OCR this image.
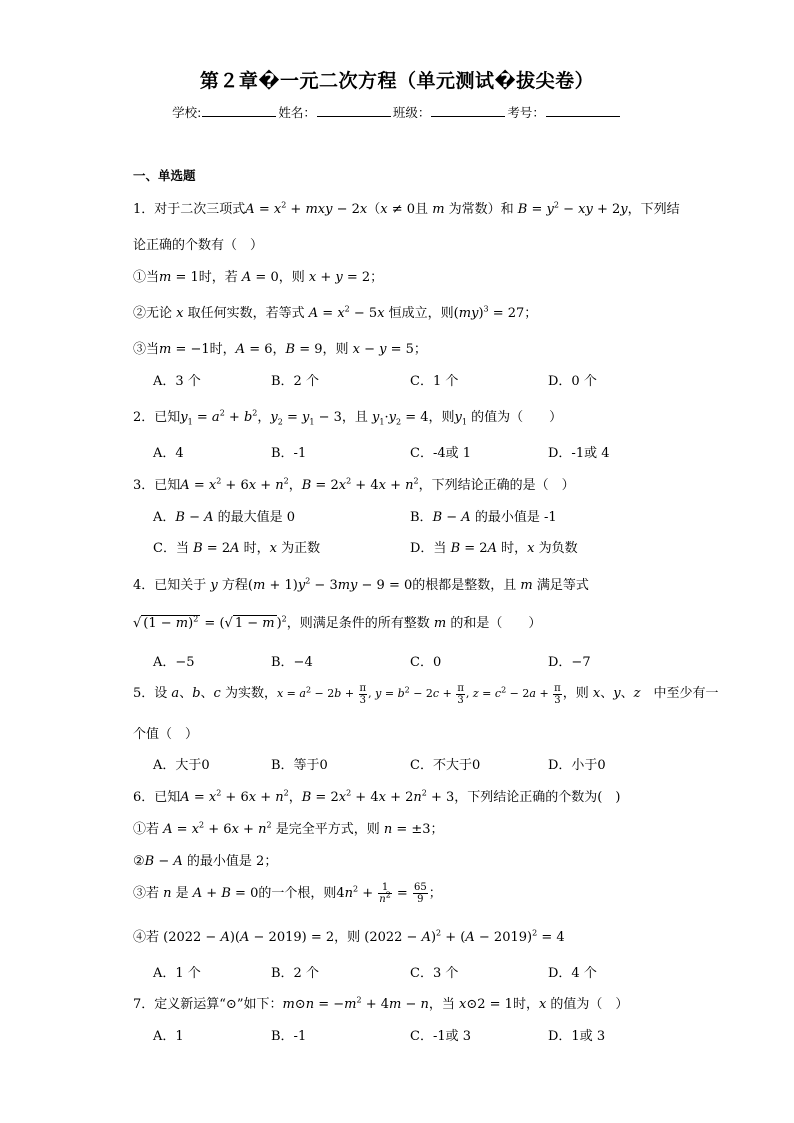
第２章�一元二次方程（单元测试�拔尖卷）
学校:	姓名：	班级：	考号：
一、单选题
1．对于二次三项式$A = x^2$ + mxy − 2x（x ≠ 0且 m 为常数）和 $B = y^2$ − xy + 2y，下列结
论正确的个数有（　）
①当m = 1时，若 A = 0，则 x + y = 2；
②无论 x 取任何实数，若等式 $A = x^2 - 5x$ 恒成立，则(my)$^3$ = 27；
③当m = −1时，A = 6，B = 9，则 x − y = 5；
A．3 个	B．2 个	C．1 个	D．0 个
2．已知$y_1 = a^2 + b^2$，$y_2 = y_1 - 3$，且 $y_1\cdot y_2 = 4$，则$y_1$ 的值为（　　）
A．4	B．-1	C．-4或 1	D．-1或 4
3．已知$A = x^2 + 6x + n^2$，$B = 2x^2 + 4x + n^2$，下列结论正确的是（　）
A．B − A 的最大值是 0	B．B − A 的最小值是 -1
C．当 B = 2A 时，x 为正数	D．当 B = 2A 时，x 为负数
4．已知关于 y 方程$(m + 1)y^2 - 3my - 9 = 0$的根都是整数，且 m 满足等式
√ $(1 - m)^2$ = (√ 1 − m )$^2$，则满足条件的所有整数 m 的和是（　　）
A．−5	B．−4	C．0	D．−7
5．设 a、b、c 为实数，$x = a^2 - 2b + \frac{\pi}{3}$ , $y = b^2 - 2c + \frac{\pi}{3}$ , $z = c^2 - 2a + \frac{\pi}{3}$ ，则 x、y、z　中至少有一
个值（　）
A．大于0	B．等于0	C．不大于0	D．小于0
6．已知$A = x^2 + 6x + n^2$，$B = 2x^2 + 4x + 2n^2 + 3$，下列结论正确的个数为(　)
①若 $A = x^2 + 6x + n^2$ 是完全平方式，则 n = ±3；
②B − A 的最小值是 2；
③若 n 是 A + B = 0的一个根，则$4n^2 + \frac{1}{n^2} = \frac{65}{9}$ ；
④若 (2022 − A)(A − 2019) = 2，则 $(2022 - A)^2 + (A - 2019)^2 = 4$
A．1 个	B．2 个	C．3 个	D．4 个
7．定义新运算“⊙”如下：m⊙n = $-m^2 + 4m - n$，当 x⊙2 = 1时，x 的值为（　）
A．1	B．-1	C．-1或 3	D．1或 3
